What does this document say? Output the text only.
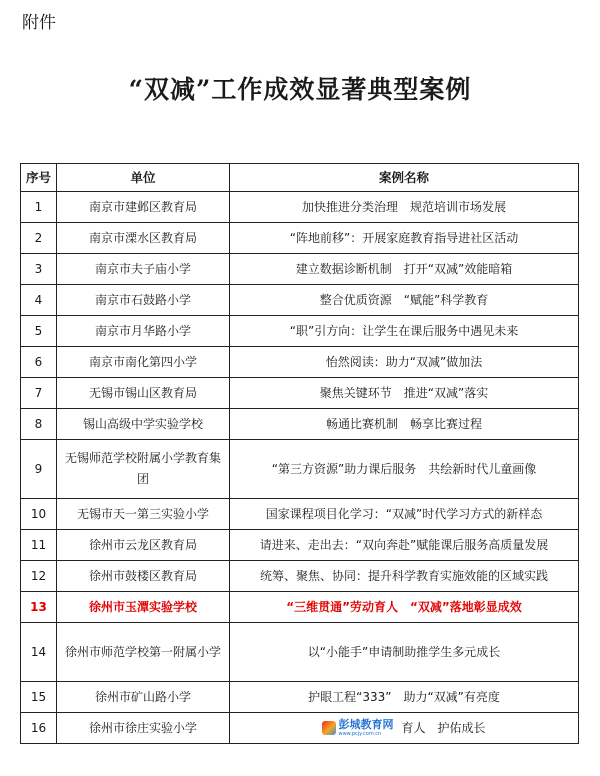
附件
“双减”工作成效显著典型案例
序号	单位	案例名称
1	南京市建邺区教育局	加快推进分类治理　规范培训市场发展
2	南京市溧水区教育局	“阵地前移”：开展家庭教育指导进社区活动
3	南京市夫子庙小学	建立数据诊断机制　打开“双减”效能暗箱
4	南京市石鼓路小学	整合优质资源　“赋能”科学教育
5	南京市月华路小学	“职”引方向：让学生在课后服务中遇见未来
6	南京市南化第四小学	怡然阅读：助力“双减”做加法
7	无锡市锡山区教育局	聚焦关键环节　推进“双减”落实
8	锡山高级中学实验学校	畅通比赛机制　畅享比赛过程
9	无锡师范学校附属小学教育集团	“第三方资源”助力课后服务　共绘新时代儿童画像
10	无锡市天一第三实验小学	国家课程项目化学习：“双减”时代学习方式的新样态
11	徐州市云龙区教育局	请进来、走出去：“双向奔赴”赋能课后服务高质量发展
12	徐州市鼓楼区教育局	统筹、聚焦、协同：提升科学教育实施效能的区域实践
13	徐州市玉潭实验学校	“三维贯通”劳动育人　“双减”落地彰显成效
14	徐州市师范学校第一附属小学	以“小能手”申请制助推学生多元成长
15	徐州市矿山路小学	护眼工程“333”　助力“双减”有亮度
16	徐州市徐庄实验小学	彭城教育网
www.pcjy.com.cn 育人　护佑成长
